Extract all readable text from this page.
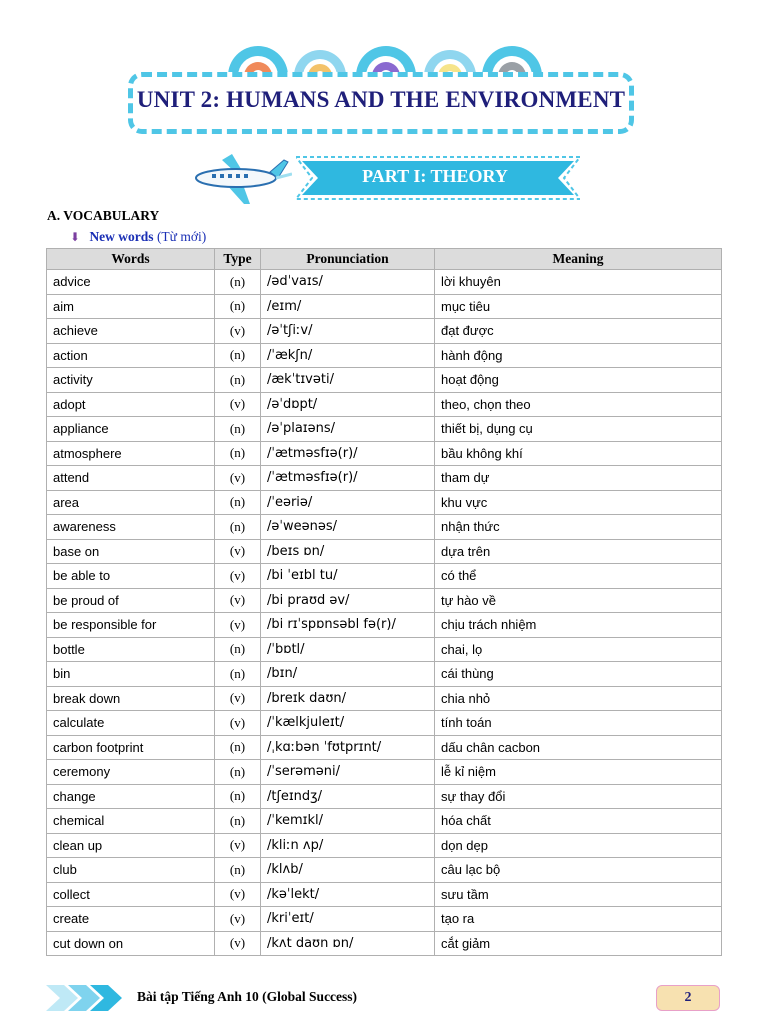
UNIT 2: HUMANS AND THE ENVIRONMENT
PART I: THEORY
A. VOCABULARY
⬇ New words (Từ mới)
Words	Type	Pronunciation	Meaning
advice	(n)	/ədˈvaɪs/	lời khuyên
aim	(n)	/eɪm/	mục tiêu
achieve	(v)	/əˈtʃiːv/	đạt được
action	(n)	/ˈækʃn/	hành động
activity	(n)	/ækˈtɪvəti/	hoạt động
adopt	(v)	/əˈdɒpt/	theo, chọn theo
appliance	(n)	/əˈplaɪəns/	thiết bị, dụng cụ
atmosphere	(n)	/ˈætməsfɪə(r)/	bầu không khí
attend	(v)	/ˈætməsfɪə(r)/	tham dự
area	(n)	/ˈeəriə/	khu vực
awareness	(n)	/əˈweənəs/	nhận thức
base on	(v)	/beɪs ɒn/	dựa trên
be able to	(v)	/bi ˈeɪbl tu/	có thể
be proud of	(v)	/bi praʊd əv/	tự hào về
be responsible for	(v)	/bi rɪˈspɒnsəbl fə(r)/	chịu trách nhiệm
bottle	(n)	/ˈbɒtl/	chai, lọ
bin	(n)	/bɪn/	cái thùng
break down	(v)	/breɪk daʊn/	chia nhỏ
calculate	(v)	/ˈkælkjuleɪt/	tính toán
carbon footprint	(n)	/ˌkɑːbən ˈfʊtprɪnt/	dấu chân cacbon
ceremony	(n)	/ˈserəməni/	lễ kỉ niệm
change	(n)	/tʃeɪndʒ/	sự thay đổi
chemical	(n)	/ˈkemɪkl/	hóa chất
clean up	(v)	/kliːn ʌp/	dọn dẹp
club	(n)	/klʌb/	câu lạc bộ
collect	(v)	/kəˈlekt/	sưu tầm
create	(v)	/kriˈeɪt/	tạo ra
cut down on	(v)	/kʌt daʊn ɒn/	cắt giảm
Bài tập Tiếng Anh 10 (Global Success)	2
